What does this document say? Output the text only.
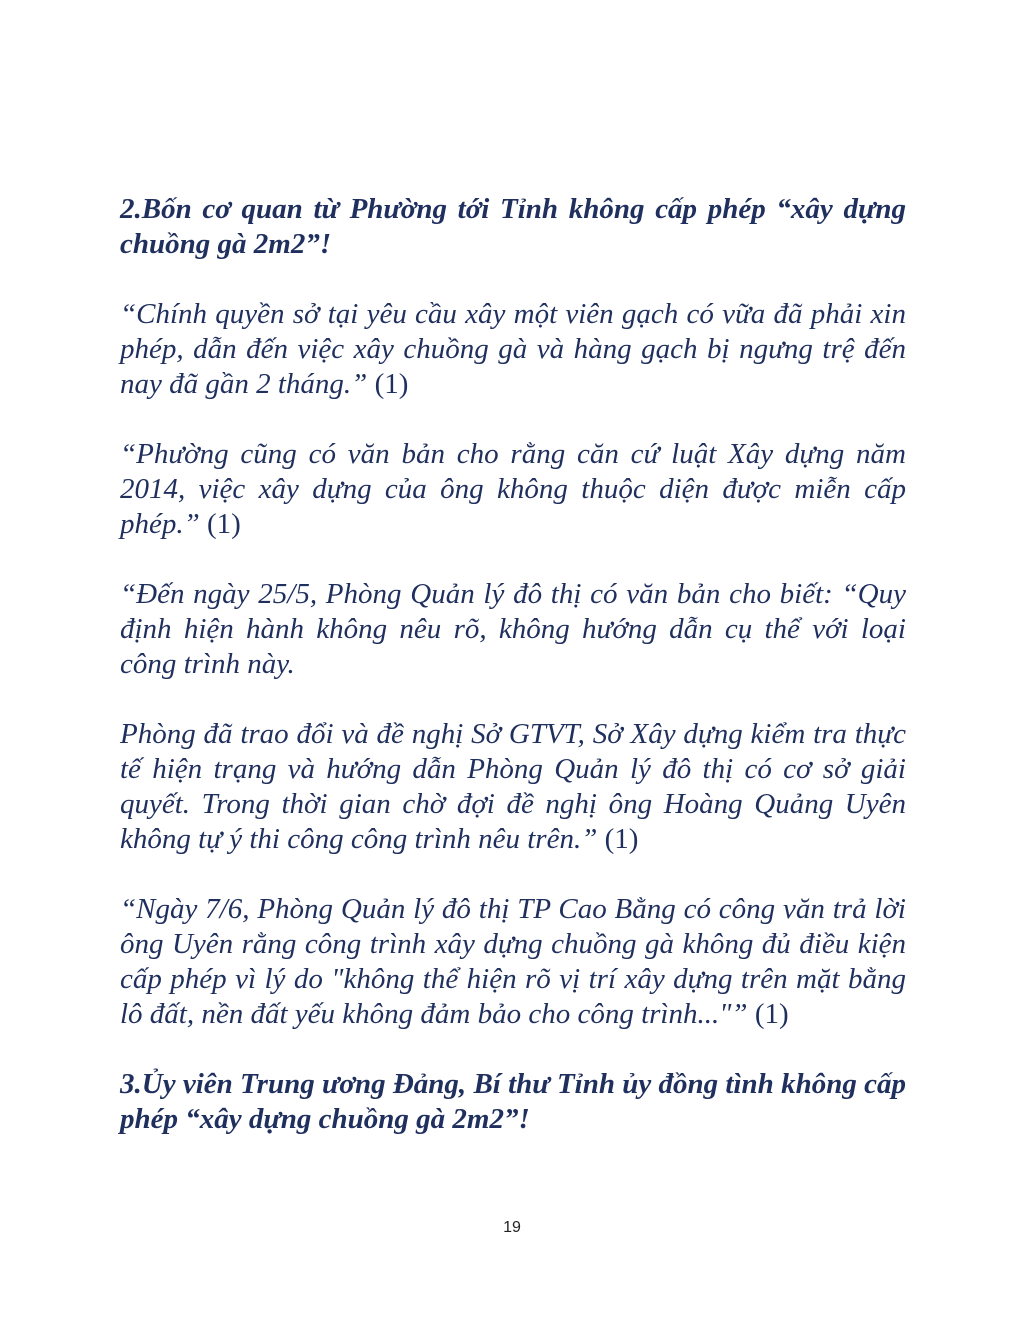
2.Bốn cơ quan từ Phường tới Tỉnh không cấp phép “xây dựng chuồng gà 2m2”!

“Chính quyền sở tại yêu cầu xây một viên gạch có vữa đã phải xin phép, dẫn đến việc xây chuồng gà và hàng gạch bị ngưng trệ đến nay đã gần 2 tháng.” (1)

“Phường cũng có văn bản cho rằng căn cứ luật Xây dựng năm 2014, việc xây dựng của ông không thuộc diện được miễn cấp phép.” (1)

“Đến ngày 25/5, Phòng Quản lý đô thị có văn bản cho biết: “Quy định hiện hành không nêu rõ, không hướng dẫn cụ thể với loại công trình này.

Phòng đã trao đổi và đề nghị Sở GTVT, Sở Xây dựng kiểm tra thực tế hiện trạng và hướng dẫn Phòng Quản lý đô thị có cơ sở giải quyết. Trong thời gian chờ đợi đề nghị ông Hoàng Quảng Uyên không tự ý thi công công trình nêu trên.” (1)

“Ngày 7/6, Phòng Quản lý đô thị TP Cao Bằng có công văn trả lời ông Uyên rằng công trình xây dựng chuồng gà không đủ điều kiện cấp phép vì lý do "không thể hiện rõ vị trí xây dựng trên mặt bằng lô đất, nền đất yếu không đảm bảo cho công trình..."” (1)

3.Ủy viên Trung ương Đảng, Bí thư Tỉnh ủy đồng tình không cấp phép “xây dựng chuồng gà 2m2”!

19
